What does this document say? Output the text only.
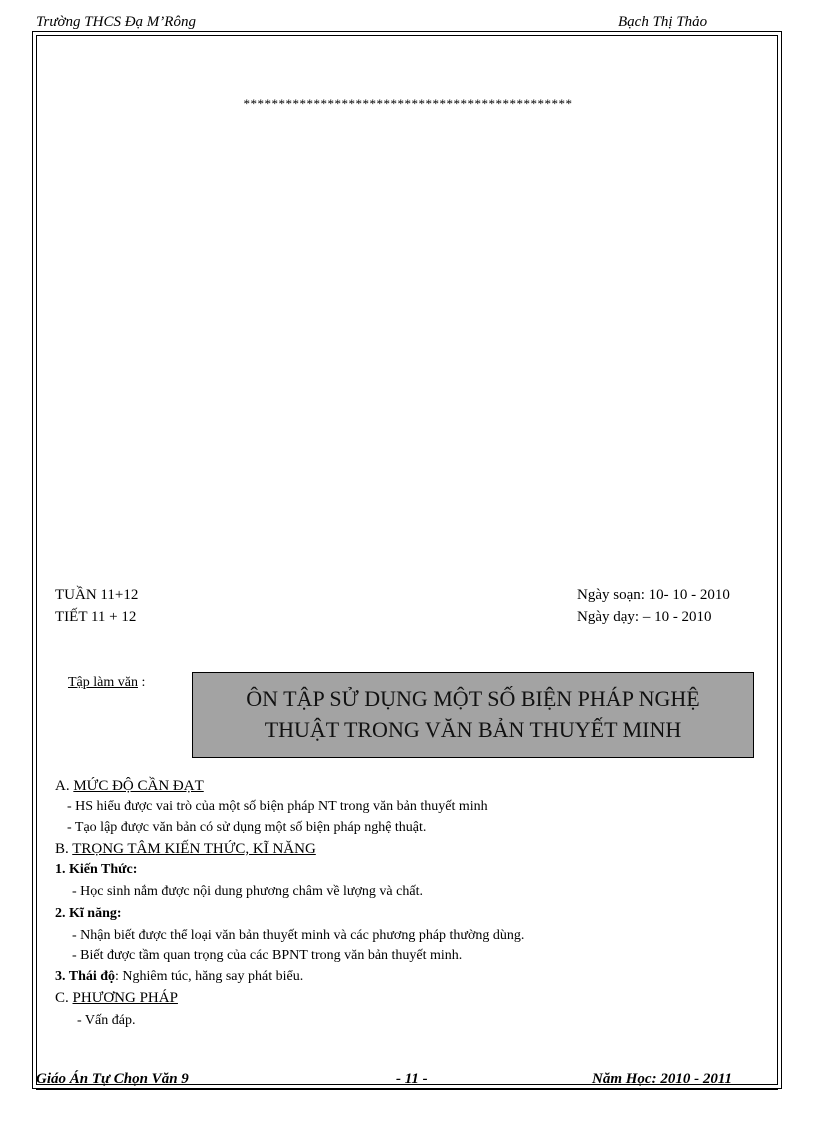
Trường THCS Đạ M’Rông	Bạch Thị Thảo
***********************************************
TUẦN 11+12
TIẾT 11 + 12
Ngày soạn: 10- 10 - 2010
Ngày dạy: – 10 - 2010
Tập làm văn :
ÔN TẬP SỬ DỤNG MỘT SỐ BIỆN PHÁP NGHỆ
THUẬT TRONG VĂN BẢN THUYẾT MINH
A. MỨC ĐỘ CẦN ĐẠT
- HS hiểu được vai trò của một số biện pháp NT trong văn bản thuyết minh
- Tạo lập được văn bản có sử dụng một số biện pháp nghệ thuật.
B. TRỌNG TÂM KIẾN THỨC, KĨ NĂNG
1. Kiến Thức:
- Học sinh nắm được nội dung phương châm về lượng và chất.
2. Kĩ năng:
- Nhận biết được thể loại văn bản thuyết minh và các phương pháp thường dùng.
- Biết được tầm quan trọng của các BPNT trong văn bản thuyết minh.
3. Thái độ: Nghiêm túc, hăng say phát biểu.
C. PHƯƠNG PHÁP
- Vấn đáp.
Giáo Án Tự Chọn Văn 9	- 11 -	Năm Học: 2010 - 2011
